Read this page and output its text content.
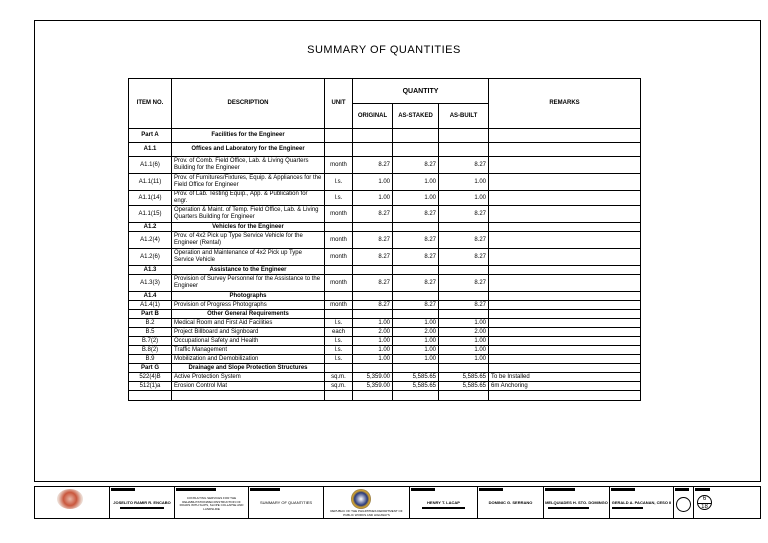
SUMMARY OF QUANTITIES
ITEM NO.	DESCRIPTION	UNIT	QUANTITY			REMARKS
			ORIGINAL	AS-STAKED	AS-BUILT	
Part A	Facilities for the Engineer					
A1.1	Offices and Laboratory for the Engineer					
A1.1(6)	Prov. of Comb. Field Office, Lab. & Living Quarters Building for the Engineer	month	8.27	8.27	8.27	
A1.1(11)	Prov. of Furnitures/Fixtures, Equip. & Appliances for the Field Office for Engineer	l.s.	1.00	1.00	1.00	
A1.1(14)	Prov. of Lab. Testing Equip., App. & Publication for engr.	l.s.	1.00	1.00	1.00	
A1.1(15)	Operation & Maint. of Temp. Field Office, Lab. & Living Quarters Building for Engineer	month	8.27	8.27	8.27	
A1.2	Vehicles for the Engineer					
A1.2(4)	Prov. of 4x2 Pick up Type Service Vehicle for the Engineer (Rental)	month	8.27	8.27	8.27	
A1.2(6)	Operation and Maintenance of 4x2 Pick up Type Service Vehicle	month	8.27	8.27	8.27	
A1.3	Assistance to the Engineer					
A1.3(3)	Provision of Survey Personnel for the Assistance to the Engineer	month	8.27	8.27	8.27	
A1.4	Photographs					
A1.4(1)	Provision of Progress Photographs	month	8.27	8.27	8.27	
Part B	Other General Requirements					
B.2	Medical Room and First Aid Facilities	l.s.	1.00	1.00	1.00	
B.5	Project Billboard and Signboard	each	2.00	2.00	2.00	
B.7(2)	Occupational Safety and Health	l.s.	1.00	1.00	1.00	
B.8(2)	Traffic Management	l.s.	1.00	1.00	1.00	
B.9	Mobilization and Demobilization	l.s.	1.00	1.00	1.00	
Part G	Drainage and Slope Protection Structures					
522(4)B	Active Protection System	sq.m.	5,359.00	5,585.65	5,585.65	To be Installed
512(1)a	Erosion Control Mat	sq.m.	5,359.00	5,585.65	5,585.65	6m Anchoring

JOSELITO RAMIR R. ENCABO
CONSULTING SERVICES FOR THE REHABILITATION/RECONSTRUCTION OF ROADS WITH SLIPS, SLOPE COLLAPSE AND LANDSLIDE
SUMMARY OF QUANTITIES
REPUBLIC OF THE PHILIPPINES DEPARTMENT OF PUBLIC WORKS AND HIGHWAYS
HENRY T. LACAP	DOMINIC G. SERRANO	MELQUIADES H. STO. DOMINGO GERALD A. PACANAN, CESO II
6
18
